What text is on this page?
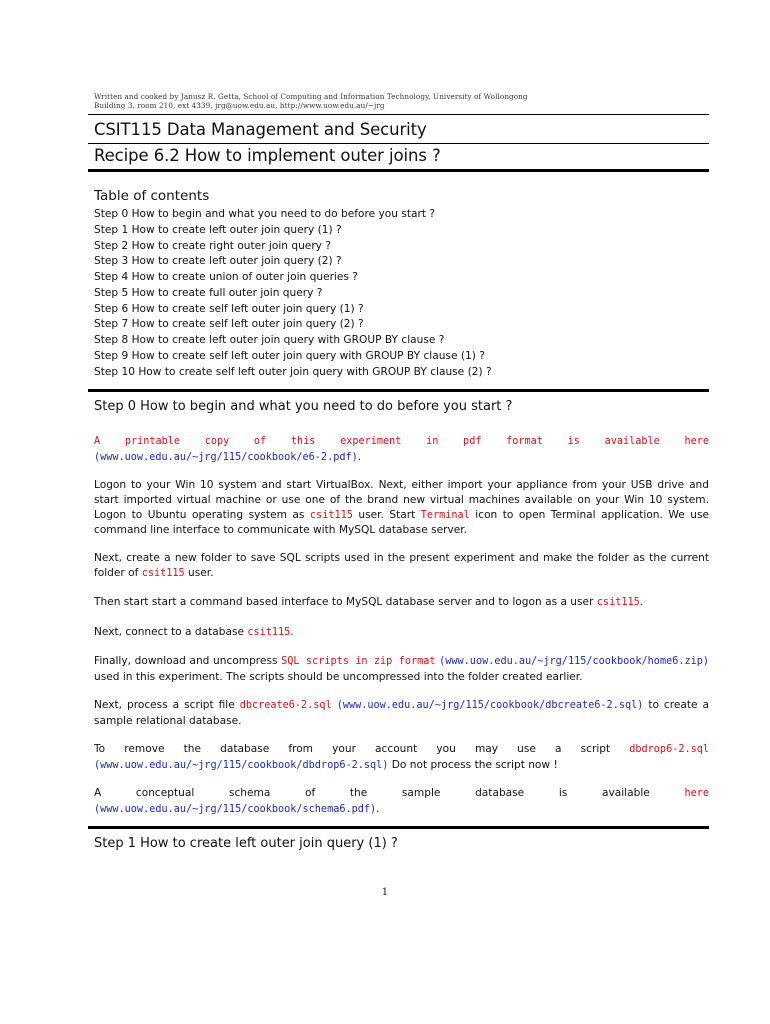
Written and cooked by Janusz R. Getta, School of Computing and Information Technology, University of Wollongong
Building 3, room 210, ext 4339, jrg@uow.edu.au, http://www.uow.edu.au/~jrg
CSIT115 Data Management and Security
Recipe 6.2 How to implement outer joins ?
Table of contents
Step 0 How to begin and what you need to do before you start ?
Step 1 How to create left outer join query (1) ?
Step 2 How to create right outer join query ?
Step 3 How to create left outer join query (2) ?
Step 4 How to create union of outer join queries ?
Step 5 How to create full outer join query ?
Step 6 How to create self left outer join query (1) ?
Step 7 How to create self left outer join query (2) ?
Step 8 How to create left outer join query with GROUP BY clause ?
Step 9 How to create self left outer join query with GROUP BY clause (1) ?
Step 10 How to create self left outer join query with GROUP BY clause (2) ?
Step 0 How to begin and what you need to do before you start ?
A printable copy of this experiment in pdf format is available here (www.uow.edu.au/~jrg/115/cookbook/e6-2.pdf).
Logon to your Win 10 system and start VirtualBox. Next, either import your appliance from your USB drive and start imported virtual machine or use one of the brand new virtual machines available on your Win 10 system. Logon to Ubuntu operating system as csit115 user. Start Terminal icon to open Terminal application. We use command line interface to communicate with MySQL database server.
Next, create a new folder to save SQL scripts used in the present experiment and make the folder as the current folder of csit115 user.
Then start start a command based interface to MySQL database server and to logon as a user csit115.
Next, connect to a database csit115.
Finally, download and uncompress SQL scripts in zip format (www.uow.edu.au/~jrg/115/cookbook/home6.zip) used in this experiment. The scripts should be uncompressed into the folder created earlier.
Next, process a script file dbcreate6-2.sql (www.uow.edu.au/~jrg/115/cookbook/dbcreate6-2.sql) to create a sample relational database.
To remove the database from your account you may use a script dbdrop6-2.sql (www.uow.edu.au/~jrg/115/cookbook/dbdrop6-2.sql) Do not process the script now !
A conceptual schema of the sample database is available here (www.uow.edu.au/~jrg/115/cookbook/schema6.pdf).
Step 1 How to create left outer join query (1) ?
1
